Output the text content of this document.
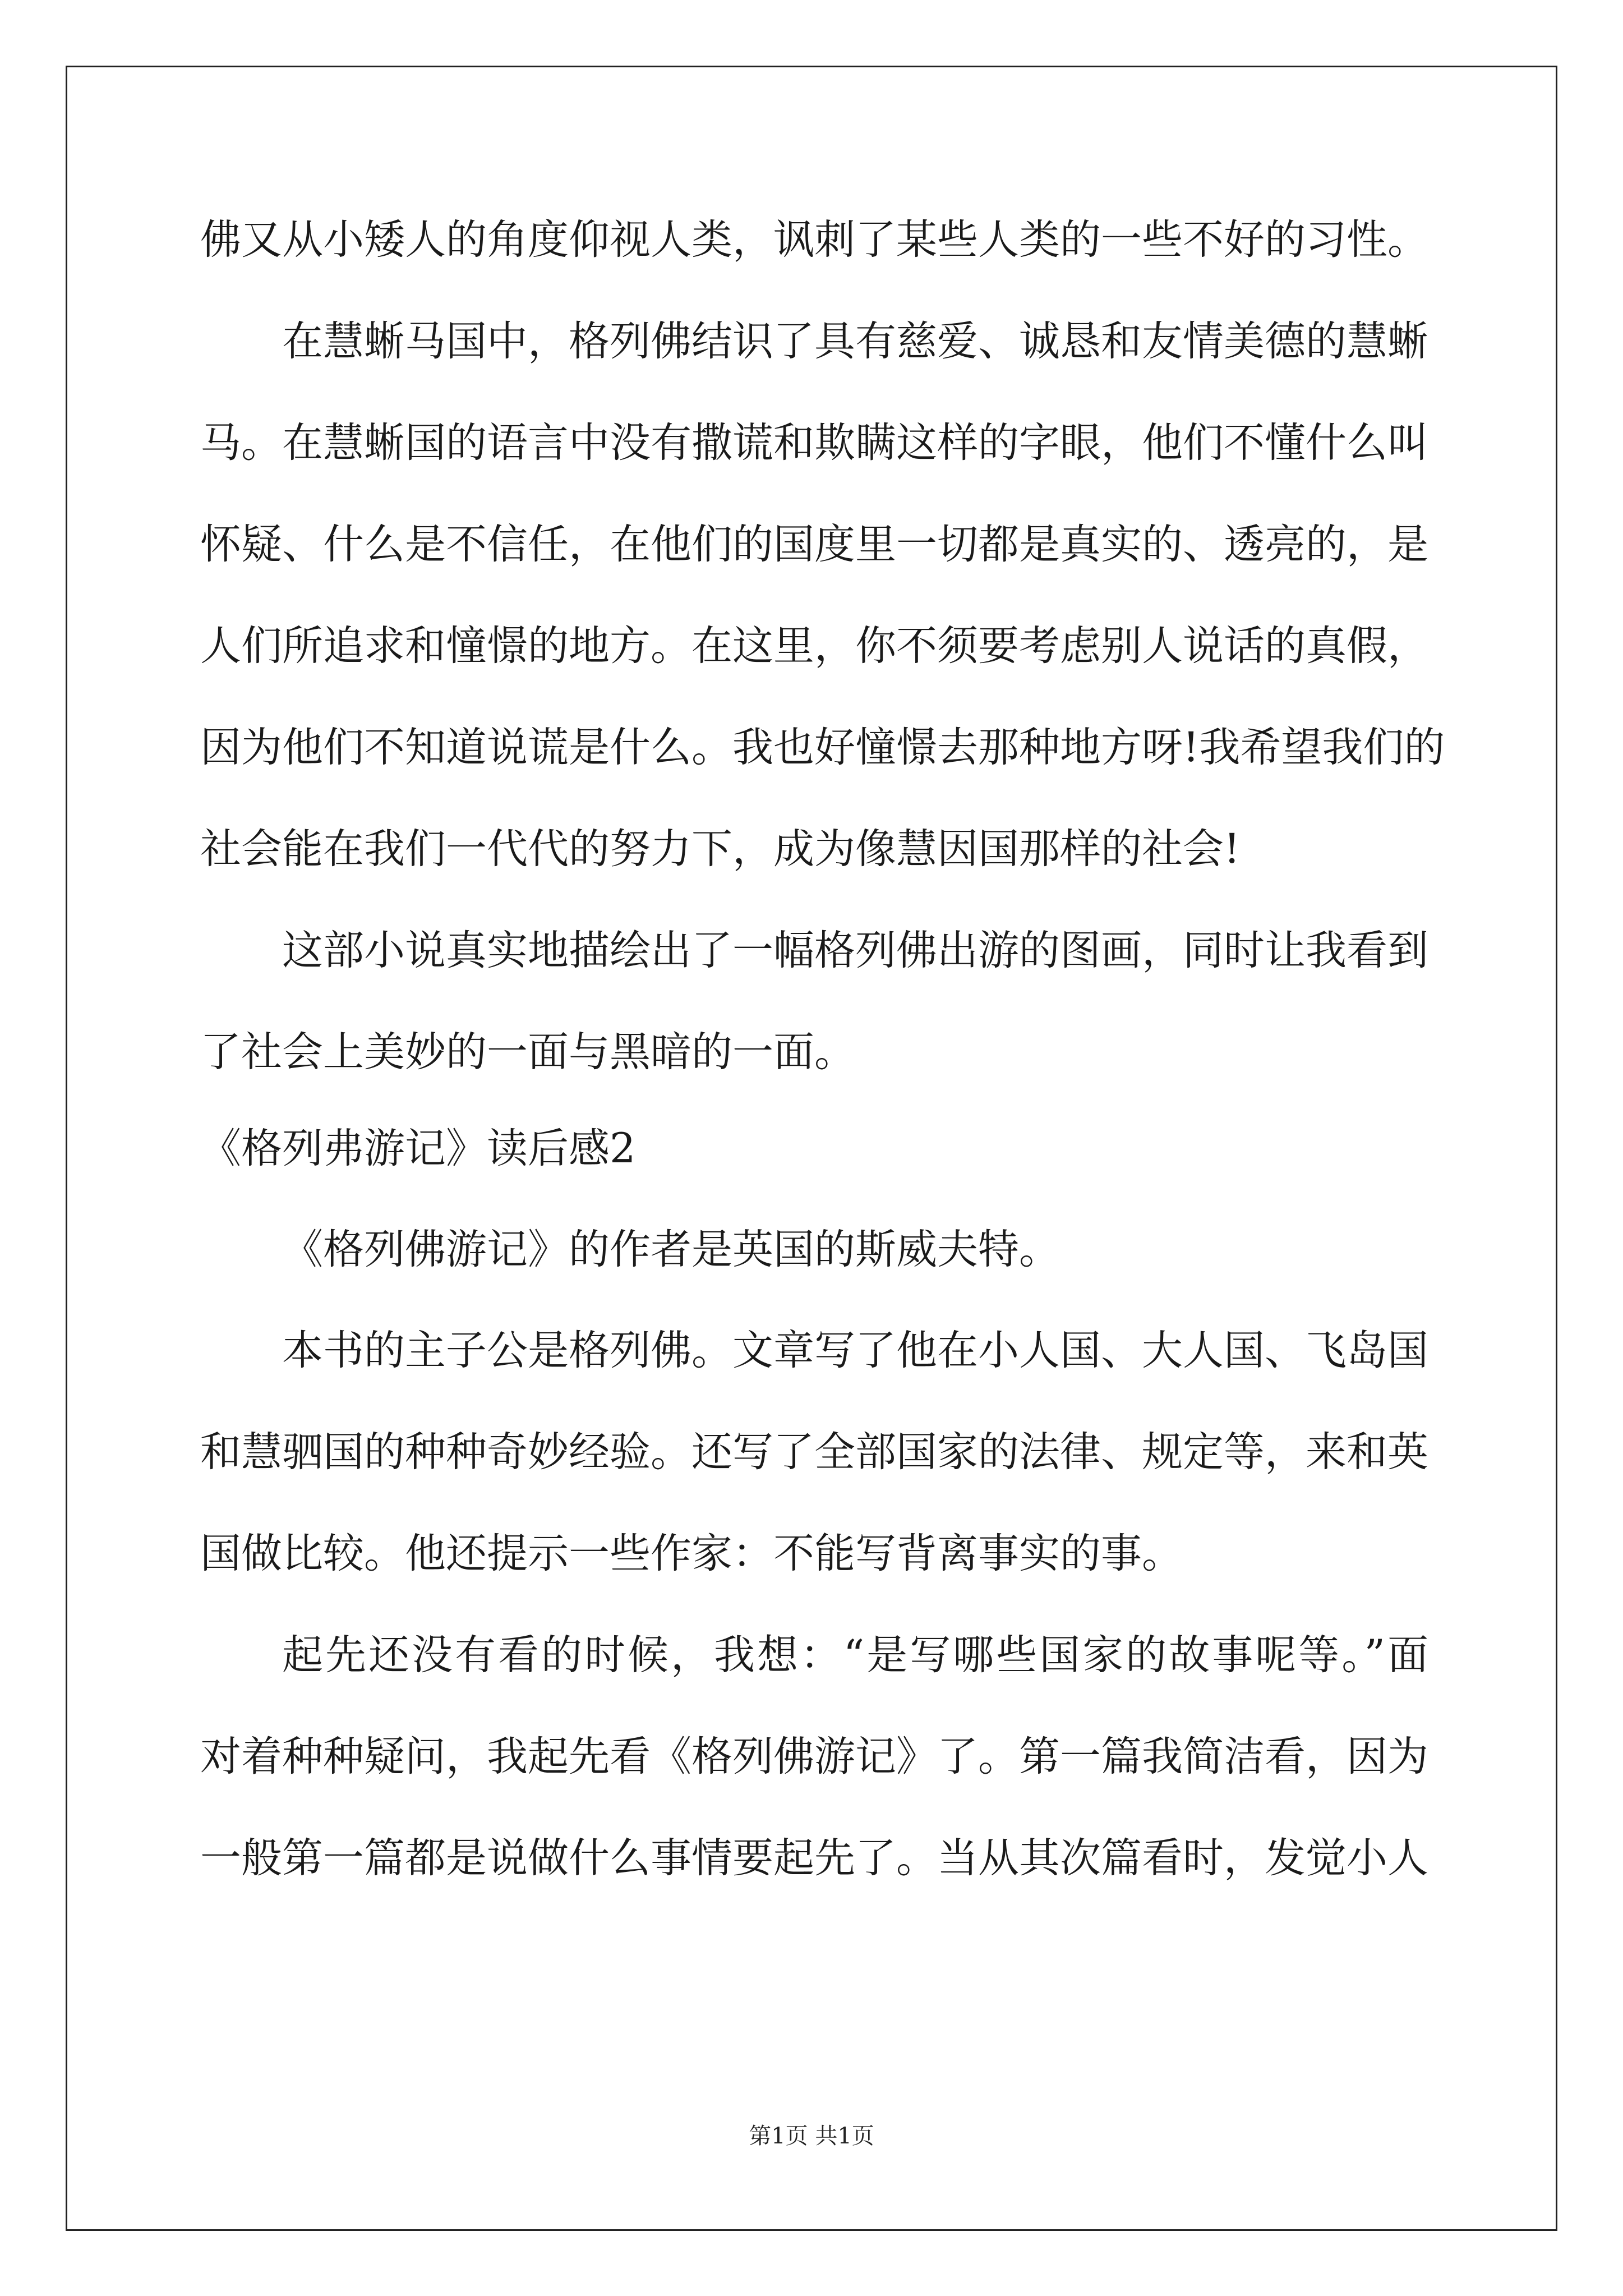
佛又从小矮人的角度仰视人类，讽刺了某些人类的一些不好的习性。
在慧蜥马国中，格列佛结识了具有慈爱、诚恳和友情美德的慧蜥
马。在慧蜥国的语言中没有撒谎和欺瞒这样的字眼，他们不懂什么叫
怀疑、什么是不信任，在他们的国度里一切都是真实的、透亮的，是
人们所追求和憧憬的地方。在这里，你不须要考虑别人说话的真假，
因为他们不知道说谎是什么。我也好憧憬去那种地方呀!我希望我们的
社会能在我们一代代的努力下，成为像慧因国那样的社会!
这部小说真实地描绘出了一幅格列佛出游的图画，同时让我看到
了社会上美妙的一面与黑暗的一面。
《格列弗游记》读后感2
《格列佛游记》的作者是英国的斯威夫特。
本书的主子公是格列佛。文章写了他在小人国、大人国、飞岛国
和慧驷国的种种奇妙经验。还写了全部国家的法律、规定等，来和英
国做比较。他还提示一些作家：不能写背离事实的事。
起先还没有看的时候，我想：“是写哪些国家的故事呢等。”面
对着种种疑问，我起先看《格列佛游记》了。第一篇我简洁看，因为
一般第一篇都是说做什么事情要起先了。当从其次篇看时，发觉小人
第1页 共1页
